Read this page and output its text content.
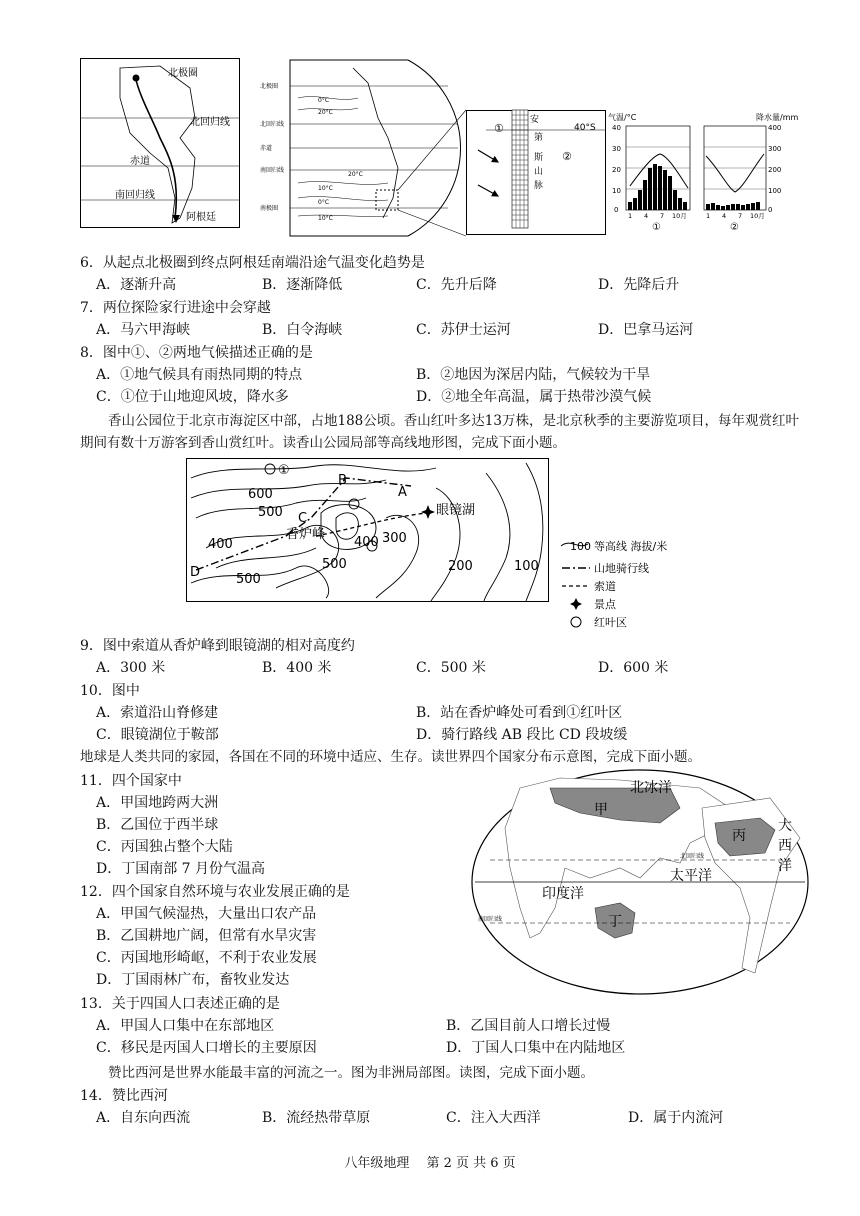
北极圈
北回归线
赤道
南回归线
阿根廷
北极圈
北回归线
赤道
南回归线
南极圈
0°C
20°C
20°C
10°C
0°C
10°C
①
②
40°S
安
第
斯
山
脉
气温/°C	降水量/mm
40
30
20
10
0
400
300
200
100
0
1 4 7 10月	1 4 7 10月
①	②
6．从起点北极圈到终点阿根廷南端沿途气温变化趋势是
A．逐渐升高	B．逐渐降低	C．先升后降	D．先降后升
7．两位探险家行进途中会穿越
A．马六甲海峡	B．白令海峡	C．苏伊士运河	D．巴拿马运河
8．图中①、②两地气候描述正确的是
A．①地气候具有雨热同期的特点	B．②地因为深居内陆，气候较为干旱
C．①位于山地迎风坡，降水多	D．②地全年高温，属于热带沙漠气候
香山公园位于北京市海淀区中部，占地188公顷。香山红叶多达13万株，是北京秋季的主要游览项目，每年观赏红叶期间有数十万游客到香山赏红叶。读香山公园局部等高线地形图，完成下面小题。
600
500
400
500
500
400 300
200	100
香炉峰
眼镜湖
A
B
C
D
①
100 等高线 海拔/米
山地骑行线
索道
景点
红叶区
9．图中索道从香炉峰到眼镜湖的相对高度约
A．300 米	B．400 米	C．500 米	D．600 米
10．图中
A．索道沿山脊修建	B．站在香炉峰处可看到①红叶区
C．眼镜湖位于鞍部	D．骑行路线 AB 段比 CD 段坡缓
地球是人类共同的家园，各国在不同的环境中适应、生存。读世界四个国家分布示意图，完成下面小题。
北冰洋
大
西
洋
太平洋
印度洋
甲
丙
丁
北回归线
南回归线
11．四个国家中
A．甲国地跨两大洲
B．乙国位于西半球
C．丙国独占整个大陆
D．丁国南部 7 月份气温高
12．四个国家自然环境与农业发展正确的是
A．甲国气候湿热，大量出口农产品
B．乙国耕地广阔，但常有水旱灾害
C．丙国地形崎岖，不利于农业发展
D．丁国雨林广布，畜牧业发达
13．关于四国人口表述正确的是
A．甲国人口集中在东部地区	B．乙国目前人口增长过慢
C．移民是丙国人口增长的主要原因	D．丁国人口集中在内陆地区
赞比西河是世界水能最丰富的河流之一。图为非洲局部图。读图，完成下面小题。
14．赞比西河
A．自东向西流	B．流经热带草原	C．注入大西洋	D．属于内流河
八年级地理　 第 2 页 共 6 页
